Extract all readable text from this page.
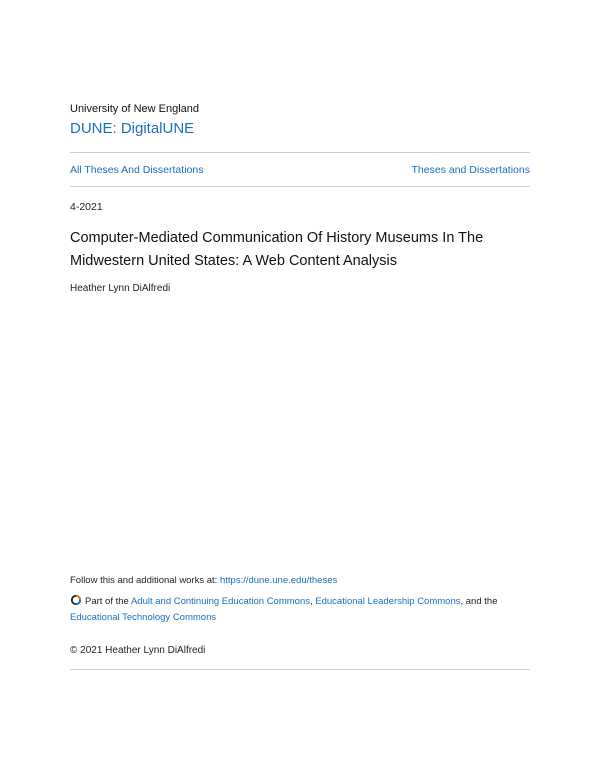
University of New England
DUNE: DigitalUNE
All Theses And Dissertations	Theses and Dissertations
4-2021
Computer-Mediated Communication Of History Museums In The
Midwestern United States: A Web Content Analysis
Heather Lynn DiAlfredi
Follow this and additional works at: https://dune.une.edu/theses
Part of the Adult and Continuing Education Commons, Educational Leadership Commons, and the Educational Technology Commons
© 2021 Heather Lynn DiAlfredi
